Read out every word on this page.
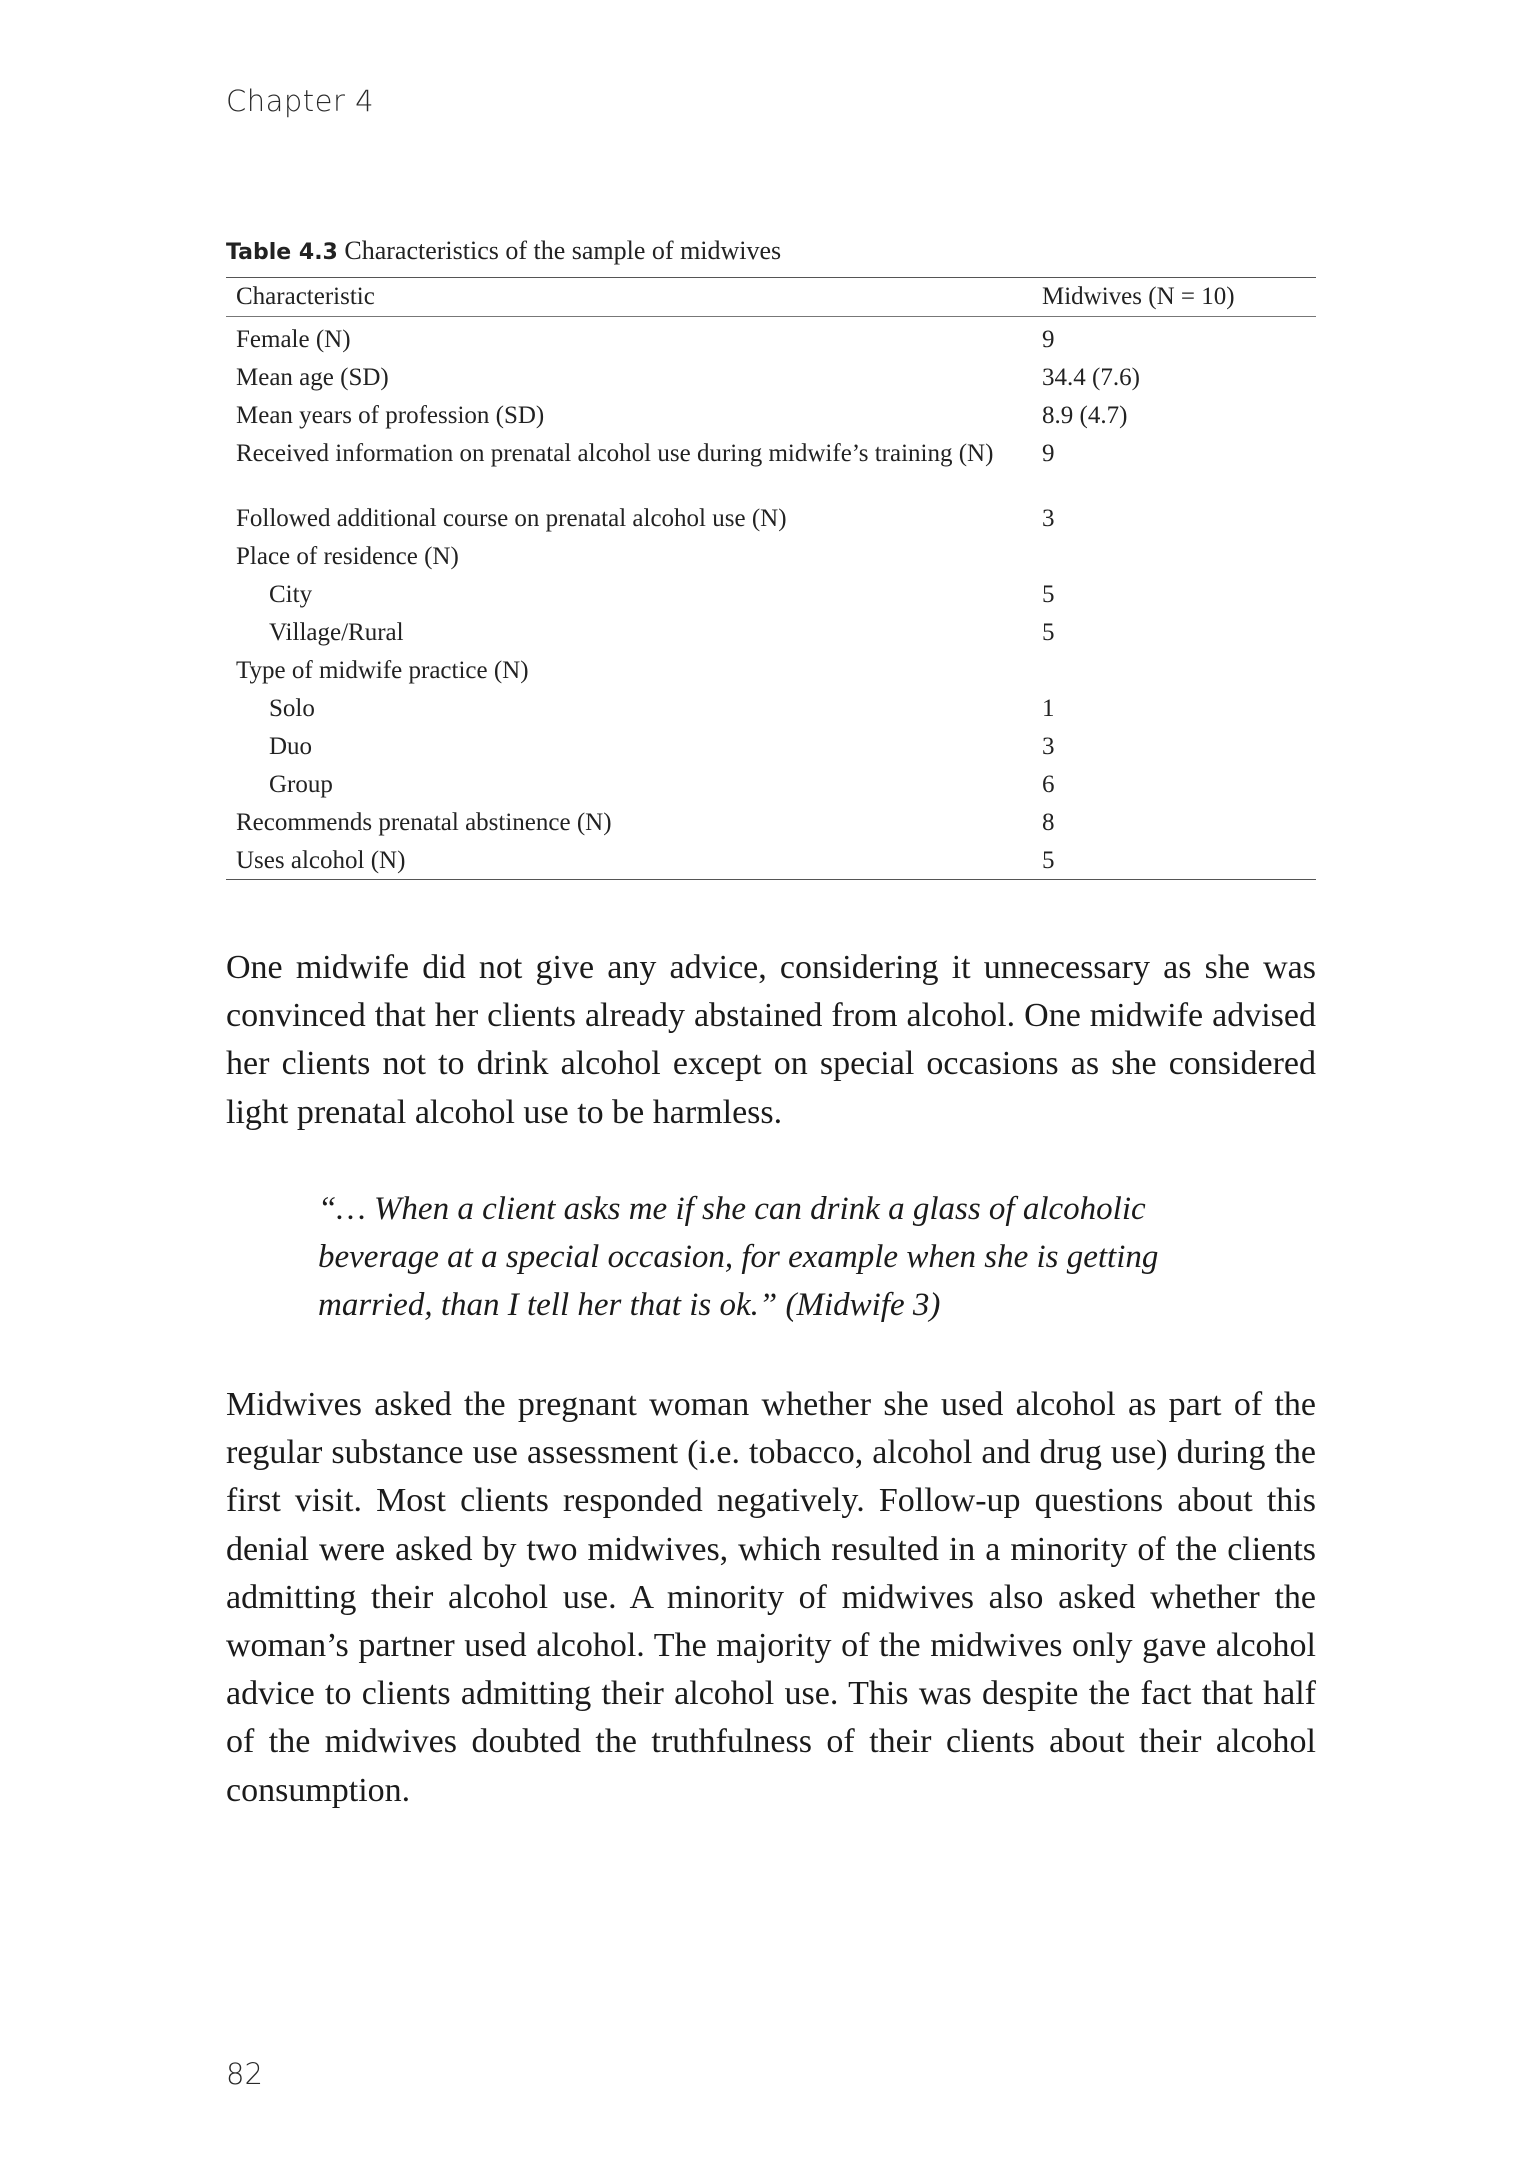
Chapter 4
Table 4.3 Characteristics of the sample of midwives
Characteristic	Midwives (N = 10)
Female (N)	9
Mean age (SD)	34.4 (7.6)
Mean years of profession (SD)	8.9 (4.7)
Received information on prenatal alcohol use during midwife’s training (N)	9
Followed additional course on prenatal alcohol use (N)	3
Place of residence (N)	
City	5
Village/Rural	5
Type of midwife practice (N)	
Solo	1
Duo	3
Group	6
Recommends prenatal abstinence (N)	8
Uses alcohol (N)	5

One midwife did not give any advice, considering it unnecessary as she was convinced that her clients already abstained from alcohol. One midwife advised her clients not to drink alcohol except on special occasions as she considered light prenatal alcohol use to be harmless.

“… When a client asks me if she can drink a glass of alcoholic beverage at a special occasion, for example when she is getting married, than I tell her that is ok.” (Midwife 3)

Midwives asked the pregnant woman whether she used alcohol as part of the regular substance use assessment (i.e. tobacco, alcohol and drug use) during the first visit. Most clients responded negatively. Follow-up questions about this denial were asked by two midwives, which resulted in a minority of the clients admitting their alcohol use. A minority of midwives also asked whether the woman’s partner used alcohol. The majority of the midwives only gave alcohol advice to clients admitting their alcohol use. This was despite the fact that half of the midwives doubted the truthfulness of their clients about their alcohol consumption.

82
